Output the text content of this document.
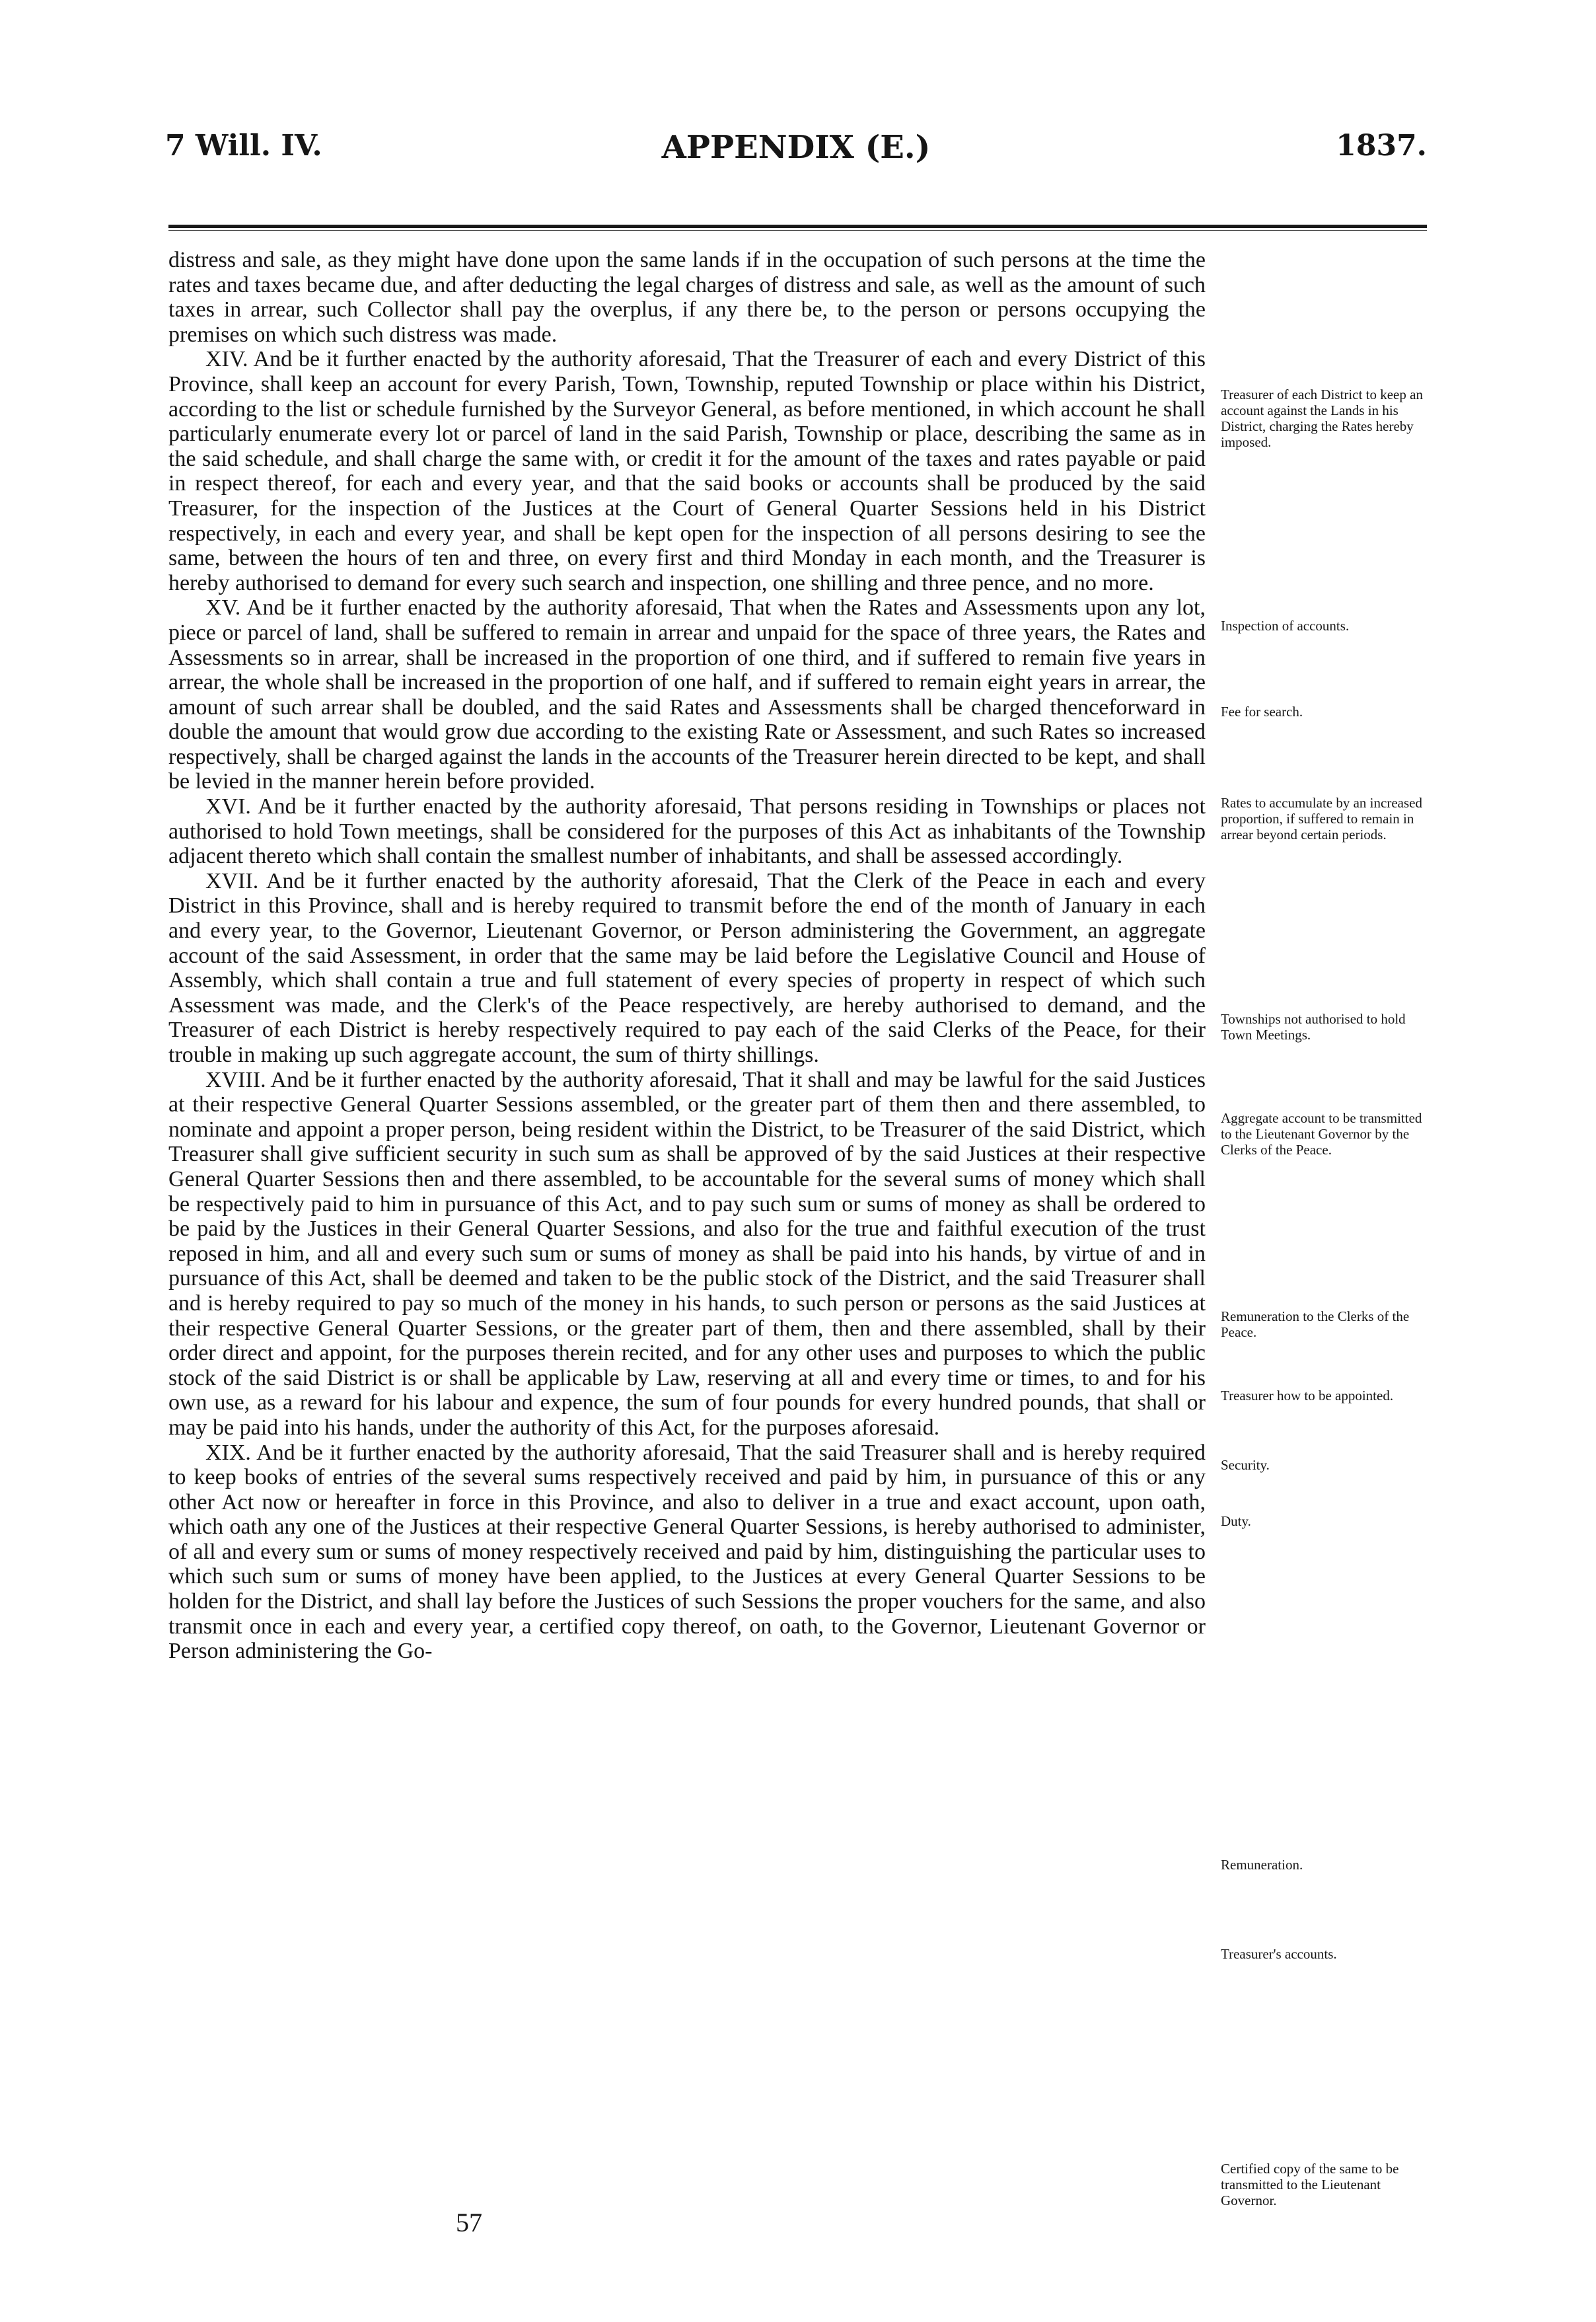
7 Will. IV.	APPENDIX (E.)	1837.

distress and sale, as they might have done upon the same lands if in the occupation of such persons at the time the rates and taxes became due, and after deducting the legal charges of distress and sale, as well as the amount of such taxes in arrear, such Collector shall pay the overplus, if any there be, to the person or persons occupying the premises on which such distress was made.

XIV. And be it further enacted by the authority aforesaid, That the Treasurer of each and every District of this Province, shall keep an account for every Parish, Town, Township, reputed Township or place within his District, according to the list or schedule furnished by the Surveyor General, as before mentioned, in which account he shall particularly enumerate every lot or parcel of land in the said Parish, Township or place, describing the same as in the said schedule, and shall charge the same with, or credit it for the amount of the taxes and rates payable or paid in respect thereof, for each and every year, and that the said books or accounts shall be produced by the said Treasurer, for the inspection of the Justices at the Court of General Quarter Sessions held in his District respectively, in each and every year, and shall be kept open for the inspection of all persons desiring to see the same, between the hours of ten and three, on every first and third Monday in each month, and the Treasurer is hereby authorised to demand for every such search and inspection, one shilling and three pence, and no more.

XV. And be it further enacted by the authority aforesaid, That when the Rates and Assessments upon any lot, piece or parcel of land, shall be suffered to remain in arrear and unpaid for the space of three years, the Rates and Assessments so in arrear, shall be increased in the proportion of one third, and if suffered to remain five years in arrear, the whole shall be increased in the proportion of one half, and if suffered to remain eight years in arrear, the amount of such arrear shall be doubled, and the said Rates and Assessments shall be charged thenceforward in double the amount that would grow due according to the existing Rate or Assessment, and such Rates so increased respectively, shall be charged against the lands in the accounts of the Treasurer herein directed to be kept, and shall be levied in the manner herein before provided.

XVI. And be it further enacted by the authority aforesaid, That persons residing in Townships or places not authorised to hold Town meetings, shall be considered for the purposes of this Act as inhabitants of the Township adjacent thereto which shall contain the smallest number of inhabitants, and shall be assessed accordingly.

XVII. And be it further enacted by the authority aforesaid, That the Clerk of the Peace in each and every District in this Province, shall and is hereby required to transmit before the end of the month of January in each and every year, to the Governor, Lieutenant Governor, or Person administering the Government, an aggregate account of the said Assessment, in order that the same may be laid before the Legislative Council and House of Assembly, which shall contain a true and full statement of every species of property in respect of which such Assessment was made, and the Clerk's of the Peace respectively, are hereby authorised to demand, and the Treasurer of each District is hereby respectively required to pay each of the said Clerks of the Peace, for their trouble in making up such aggregate account, the sum of thirty shillings.

XVIII. And be it further enacted by the authority aforesaid, That it shall and may be lawful for the said Justices at their respective General Quarter Sessions assembled, or the greater part of them then and there assembled, to nominate and appoint a proper person, being resident within the District, to be Treasurer of the said District, which Treasurer shall give sufficient security in such sum as shall be approved of by the said Justices at their respective General Quarter Sessions then and there assembled, to be accountable for the several sums of money which shall be respectively paid to him in pursuance of this Act, and to pay such sum or sums of money as shall be ordered to be paid by the Justices in their General Quarter Sessions, and also for the true and faithful execution of the trust reposed in him, and all and every such sum or sums of money as shall be paid into his hands, by virtue of and in pursuance of this Act, shall be deemed and taken to be the public stock of the District, and the said Treasurer shall and is hereby required to pay so much of the money in his hands, to such person or persons as the said Justices at their respective General Quarter Sessions, or the greater part of them, then and there assembled, shall by their order direct and appoint, for the purposes therein recited, and for any other uses and purposes to which the public stock of the said District is or shall be applicable by Law, reserving at all and every time or times, to and for his own use, as a reward for his labour and expence, the sum of four pounds for every hundred pounds, that shall or may be paid into his hands, under the authority of this Act, for the purposes aforesaid.

XIX. And be it further enacted by the authority aforesaid, That the said Treasurer shall and is hereby required to keep books of entries of the several sums respectively received and paid by him, in pursuance of this or any other Act now or hereafter in force in this Province, and also to deliver in a true and exact account, upon oath, which oath any one of the Justices at their respective General Quarter Sessions, is hereby authorised to administer, of all and every sum or sums of money respectively received and paid by him, distinguishing the particular uses to which such sum or sums of money have been applied, to the Justices at every General Quarter Sessions to be holden for the District, and shall lay before the Justices of such Sessions the proper vouchers for the same, and also transmit once in each and every year, a certified copy thereof, on oath, to the Governor, Lieutenant Governor or Person administering the Go-

Treasurer of each District to keep an account against the Lands in his District, charging the Rates hereby imposed.
Inspection of accounts.
Fee for search.
Rates to accumulate by an increased proportion, if suffered to remain in arrear beyond certain periods.
Townships not authorised to hold Town Meetings.
Aggregate account to be transmitted to the Lieutenant Governor by the Clerks of the Peace.
Remuneration to the Clerks of the Peace.
Treasurer how to be appointed.
Security.
Duty.
Remuneration.
Treasurer's accounts.
Certified copy of the same to be transmitted to the Lieutenant Governor.
57
